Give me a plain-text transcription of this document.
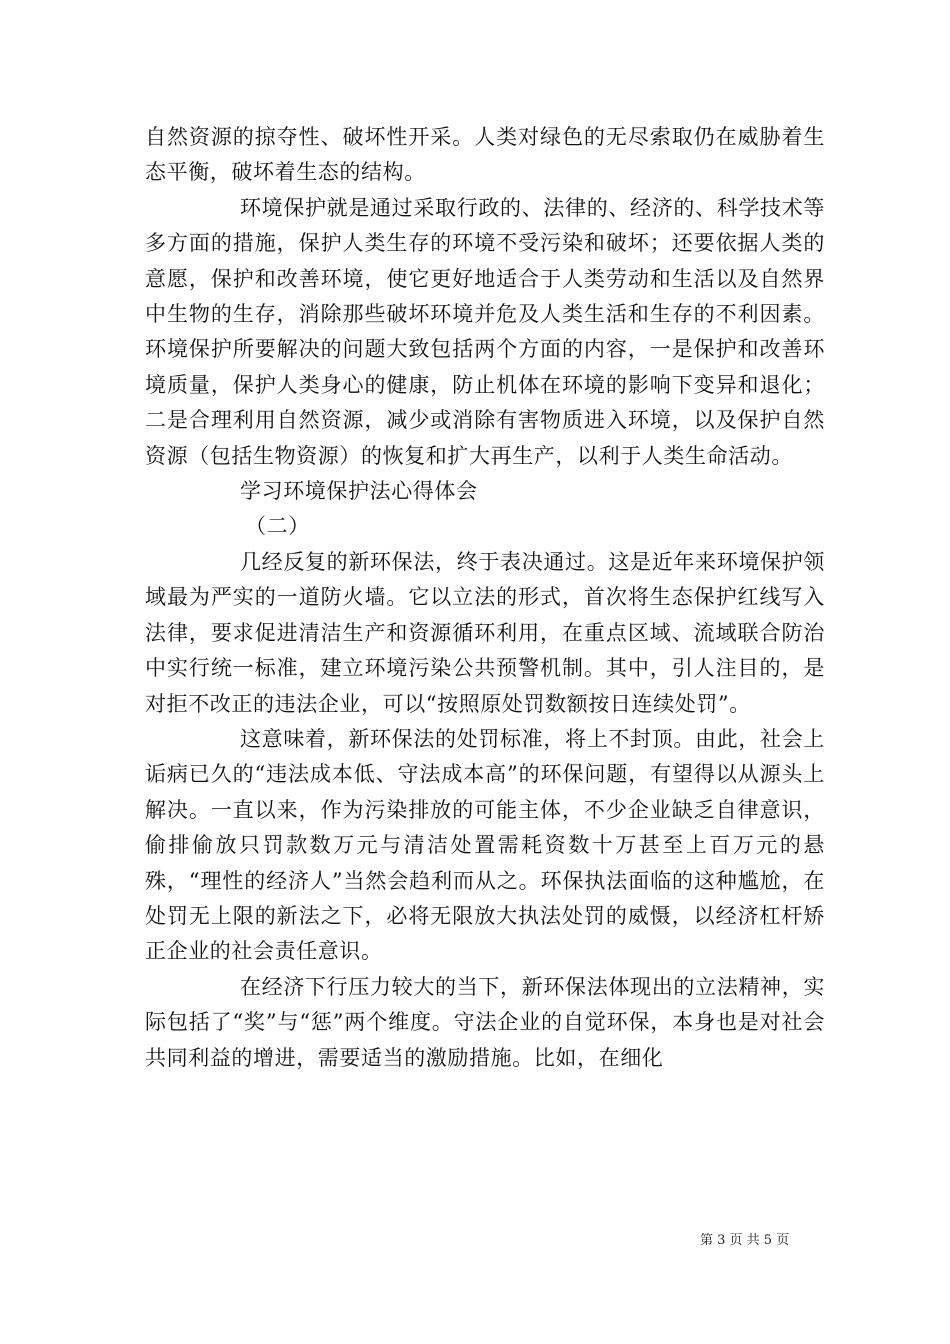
自然资源的掠夺性、破坏性开采。人类对绿色的无尽索取仍在威胁着生态平衡，破坏着生态的结构。

环境保护就是通过采取行政的、法律的、经济的、科学技术等多方面的措施，保护人类生存的环境不受污染和破坏；还要依据人类的意愿，保护和改善环境，使它更好地适合于人类劳动和生活以及自然界中生物的生存，消除那些破坏环境并危及人类生活和生存的不利因素。环境保护所要解决的问题大致包括两个方面的内容，一是保护和改善环境质量，保护人类身心的健康，防止机体在环境的影响下变异和退化；二是合理利用自然资源，减少或消除有害物质进入环境，以及保护自然资源（包括生物资源）的恢复和扩大再生产，以利于人类生命活动。

学习环境保护法心得体会

（二）

几经反复的新环保法，终于表决通过。这是近年来环境保护领域最为严实的一道防火墙。它以立法的形式，首次将生态保护红线写入法律，要求促进清洁生产和资源循环利用，在重点区域、流域联合防治中实行统一标准，建立环境污染公共预警机制。其中，引人注目的，是对拒不改正的违法企业，可以“按照原处罚数额按日连续处罚”。

这意味着，新环保法的处罚标准，将上不封顶。由此，社会上诟病已久的“违法成本低、守法成本高”的环保问题，有望得以从源头上解决。一直以来，作为污染排放的可能主体，不少企业缺乏自律意识，偷排偷放只罚款数万元与清洁处置需耗资数十万甚至上百万元的悬殊，“理性的经济人”当然会趋利而从之。环保执法面临的这种尴尬，在处罚无上限的新法之下，必将无限放大执法处罚的威慑，以经济杠杆矫正企业的社会责任意识。

在经济下行压力较大的当下，新环保法体现出的立法精神，实际包括了“奖”与“惩”两个维度。守法企业的自觉环保，本身也是对社会共同利益的增进，需要适当的激励措施。比如，在细化

第 3 页 共 5 页
